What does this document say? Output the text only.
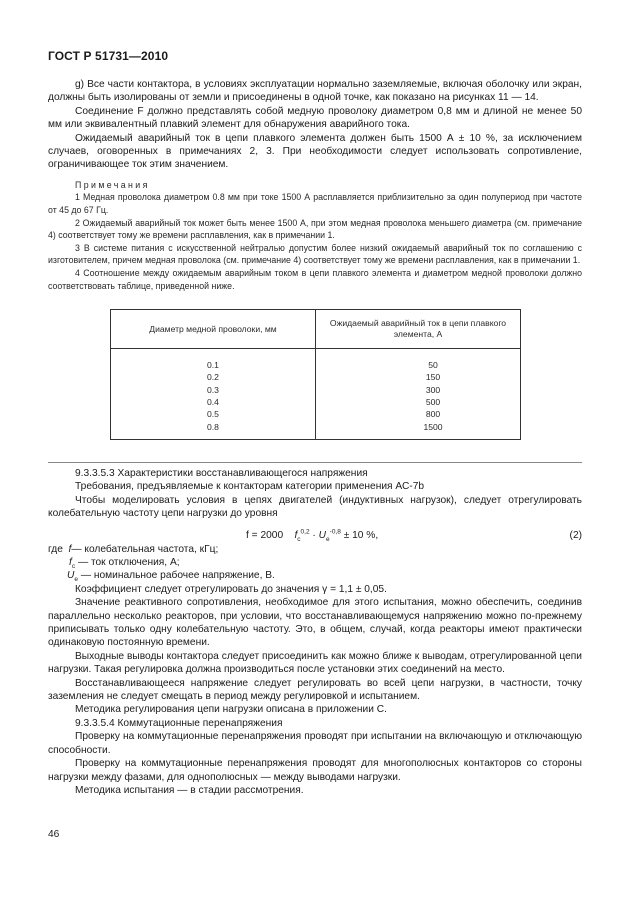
ГОСТ Р 51731—2010

g) Все части контактора, в условиях эксплуатации нормально заземляемые, включая оболочку или экран, должны быть изолированы от земли и присоединены в одной точке, как показано на рисунках 11 — 14.

Соединение F должно представлять собой медную проволоку диаметром 0,8 мм и длиной не менее 50 мм или эквивалентный плавкий элемент для обнаружения аварийного тока.

Ожидаемый аварийный ток в цепи плавкого элемента должен быть 1500 А ± 10 %, за исключением случаев, оговоренных в примечаниях 2, 3. При необходимости следует использовать сопротивление, ограничивающее ток этим значением.

Примечания

1 Медная проволока диаметром 0.8 мм при токе 1500 А расплавляется приблизительно за один полупериод при частоте от 45 до 67 Гц.

2 Ожидаемый аварийный ток может быть менее 1500 А, при этом медная проволока меньшего диаметра (см. примечание 4) соответствует тому же времени расплавления, как в примечании 1.

3 В системе питания с искусственной нейтралью допустим более низкий ожидаемый аварийный ток по соглашению с изготовителем, причем медная проволока (см. примечание 4) соответствует тому же времени расплавления, как в примечании 1.

4 Соотношение между ожидаемым аварийным током в цепи плавкого элемента и диаметром медной проволоки должно соответствовать таблице, приведенной ниже.

Диаметр медной проволоки, мм	Ожидаемый аварийный ток в цепи плавкого элемента, А
0.1	50
0.2	150
0.3	300
0.4	500
0.5	800
0.8	1500

9.3.3.5.3 Характеристики восстанавливающегося напряжения

Требования, предъявляемые к контакторам категории применения АС-7b

Чтобы моделировать условия в цепях двигателей (индуктивных нагрузок), следует отрегулировать колебательную частоту цепи нагрузки до уровня

f = 2000 $f_c^{0,2} \cdot U_e^{-0,8} \pm 10$ %,	(2)

где f— колебательная частота, кГц;

$f_c$ — ток отключения, А;

$U_e$ — номинальное рабочее напряжение, В.

Коэффициент следует отрегулировать до значения γ = 1,1 ± 0,05.

Значение реактивного сопротивления, необходимое для этого испытания, можно обеспечить, соединив параллельно несколько реакторов, при условии, что восстанавливающемуся напряжению можно по-прежнему приписывать только одну колебательную частоту. Это, в общем, случай, когда реакторы имеют практически одинаковую постоянную времени.

Выходные выводы контактора следует присоединить как можно ближе к выводам, отрегулированной цепи нагрузки. Такая регулировка должна производиться после установки этих соединений на место.

Восстанавливающееся напряжение следует регулировать во всей цепи нагрузки, в частности, точку заземления не следует смещать в период между регулировкой и испытанием.

Методика регулирования цепи нагрузки описана в приложении С.

9.3.3.5.4 Коммутационные перенапряжения

Проверку на коммутационные перенапряжения проводят при испытании на включающую и отключающую способности.

Проверку на коммутационные перенапряжения проводят для многополюсных контакторов со стороны нагрузки между фазами, для однополюсных — между выводами нагрузки.

Методика испытания — в стадии рассмотрения.

46
